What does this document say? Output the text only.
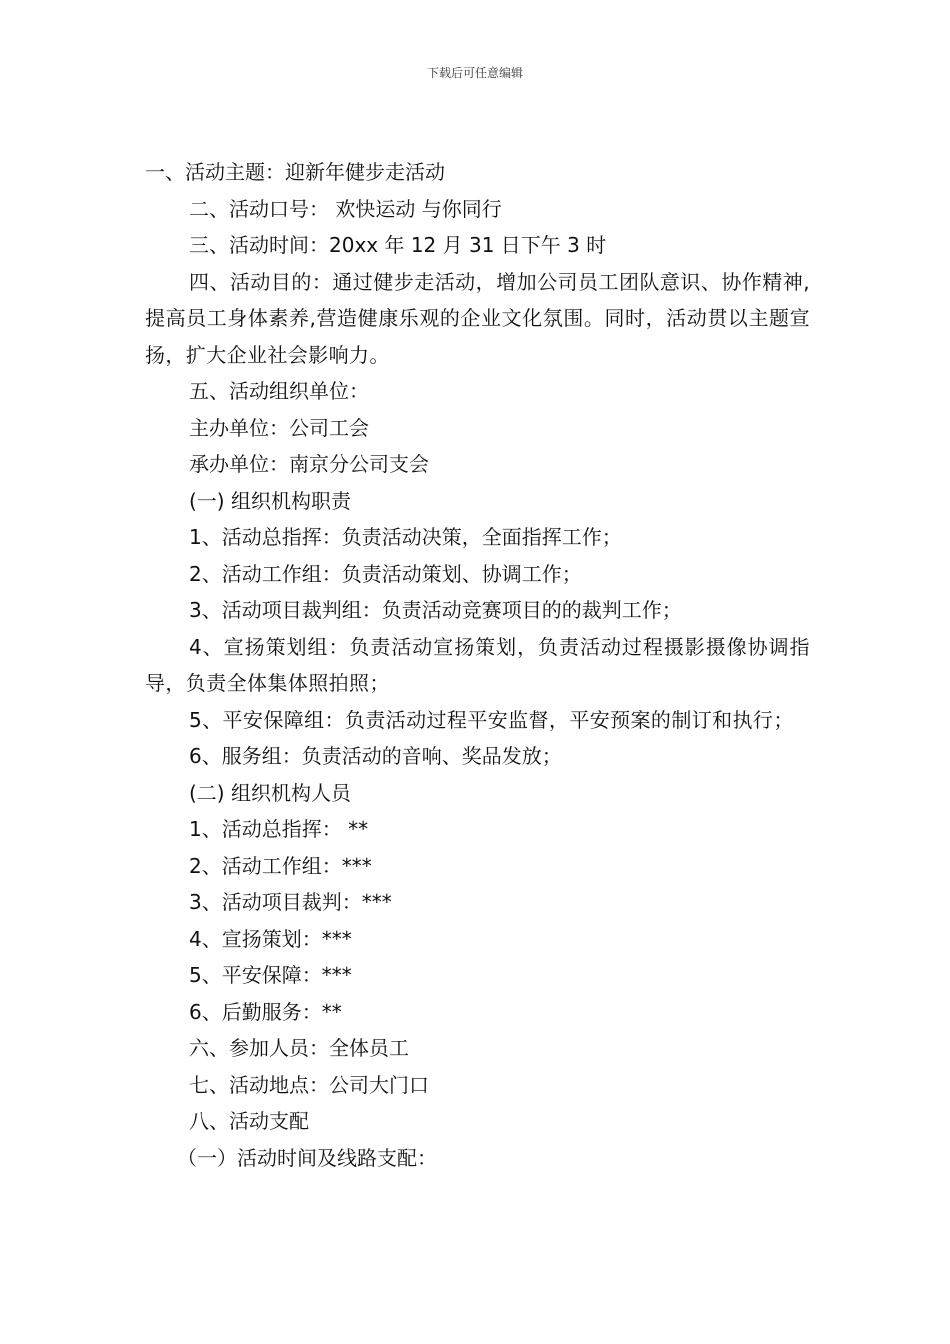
下载后可任意编辑

一、活动主题：迎新年健步走活动

二、活动口号： 欢快运动 与你同行

三、活动时间：20xx 年 12 月 31 日下午 3 时

四、活动目的：通过健步走活动，增加公司员工团队意识、协作精神,提高员工身体素养,营造健康乐观的企业文化氛围。同时，活动贯以主题宣扬，扩大企业社会影响力。

五、活动组织单位：

主办单位：公司工会

承办单位：南京分公司支会

(一) 组织机构职责

1、活动总指挥：负责活动决策，全面指挥工作；

2、活动工作组：负责活动策划、协调工作；

3、活动项目裁判组：负责活动竞赛项目的的裁判工作；

4、宣扬策划组：负责活动宣扬策划，负责活动过程摄影摄像协调指导，负责全体集体照拍照；

5、平安保障组：负责活动过程平安监督，平安预案的制订和执行；

6、服务组：负责活动的音响、奖品发放；

(二) 组织机构人员

1、活动总指挥： **

2、活动工作组：***

3、活动项目裁判：***

4、宣扬策划：***

5、平安保障：***

6、后勤服务：**

六、参加人员：全体员工

七、活动地点：公司大门口

八、活动支配

（一）活动时间及线路支配：
